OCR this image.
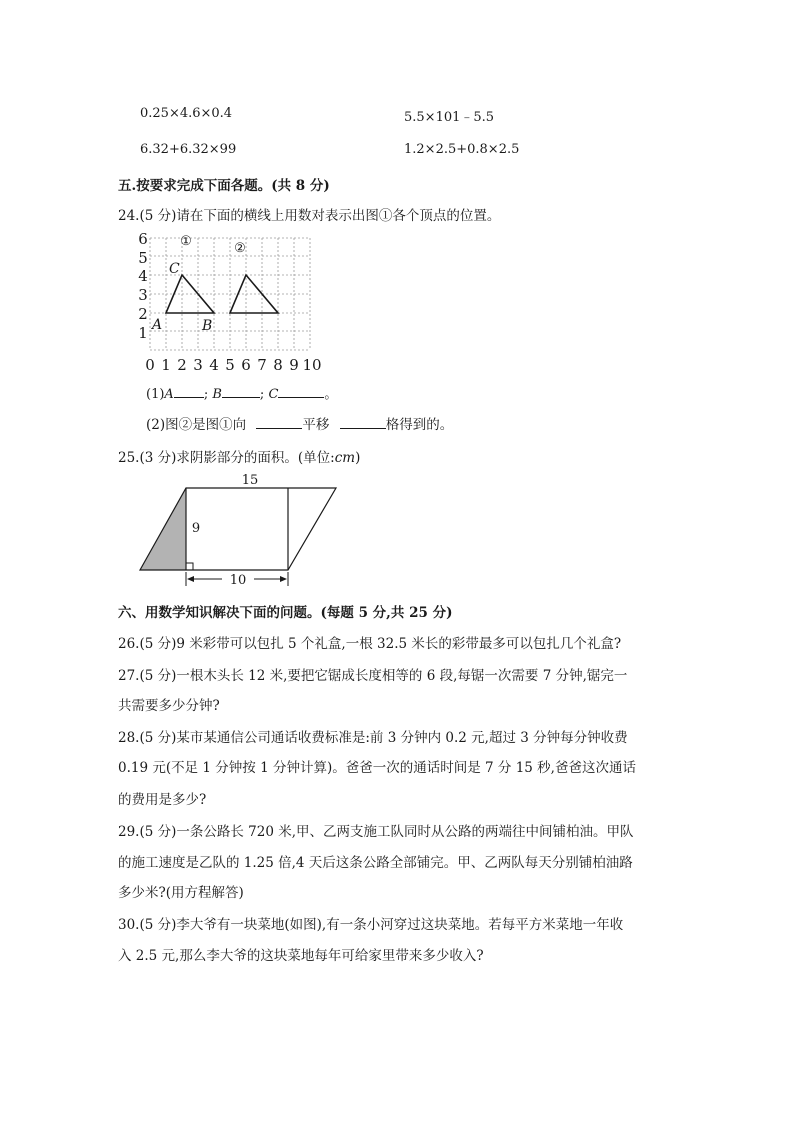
0.25×4.6×0.4	5.5×101﹣5.5
6.32+6.32×99	1.2×2.5+0.8×2.5
五.按要求完成下面各题。(共 8 分)
24.(5 分)请在下面的横线上用数对表示出图①各个顶点的位置。
6
5
4
3
2
1
0 1 2 3 4 5 6 7 8 9 10
①	②
C
A	B
(1)A ; B	; C	。
(2)图②是图①向	平移	格得到的。
25.(3 分)求阴影部分的面积。(单位:cm)
15
9
10
六、用数学知识解决下面的问题。(每题 5 分,共 25 分)
26.(5 分)9 米彩带可以包扎 5 个礼盒,一根 32.5 米长的彩带最多可以包扎几个礼盒?
27.(5 分)一根木头长 12 米,要把它锯成长度相等的 6 段,每锯一次需要 7 分钟,锯完一
共需要多少分钟?
28.(5 分)某市某通信公司通话收费标准是:前 3 分钟内 0.2 元,超过 3 分钟每分钟收费
0.19 元(不足 1 分钟按 1 分钟计算)。爸爸一次的通话时间是 7 分 15 秒,爸爸这次通话
的费用是多少?
29.(5 分)一条公路长 720 米,甲、乙两支施工队同时从公路的两端往中间铺柏油。甲队
的施工速度是乙队的 1.25 倍,4 天后这条公路全部铺完。甲、乙两队每天分别铺柏油路
多少米?(用方程解答)
30.(5 分)李大爷有一块菜地(如图),有一条小河穿过这块菜地。若每平方米菜地一年收
入 2.5 元,那么李大爷的这块菜地每年可给家里带来多少收入?
